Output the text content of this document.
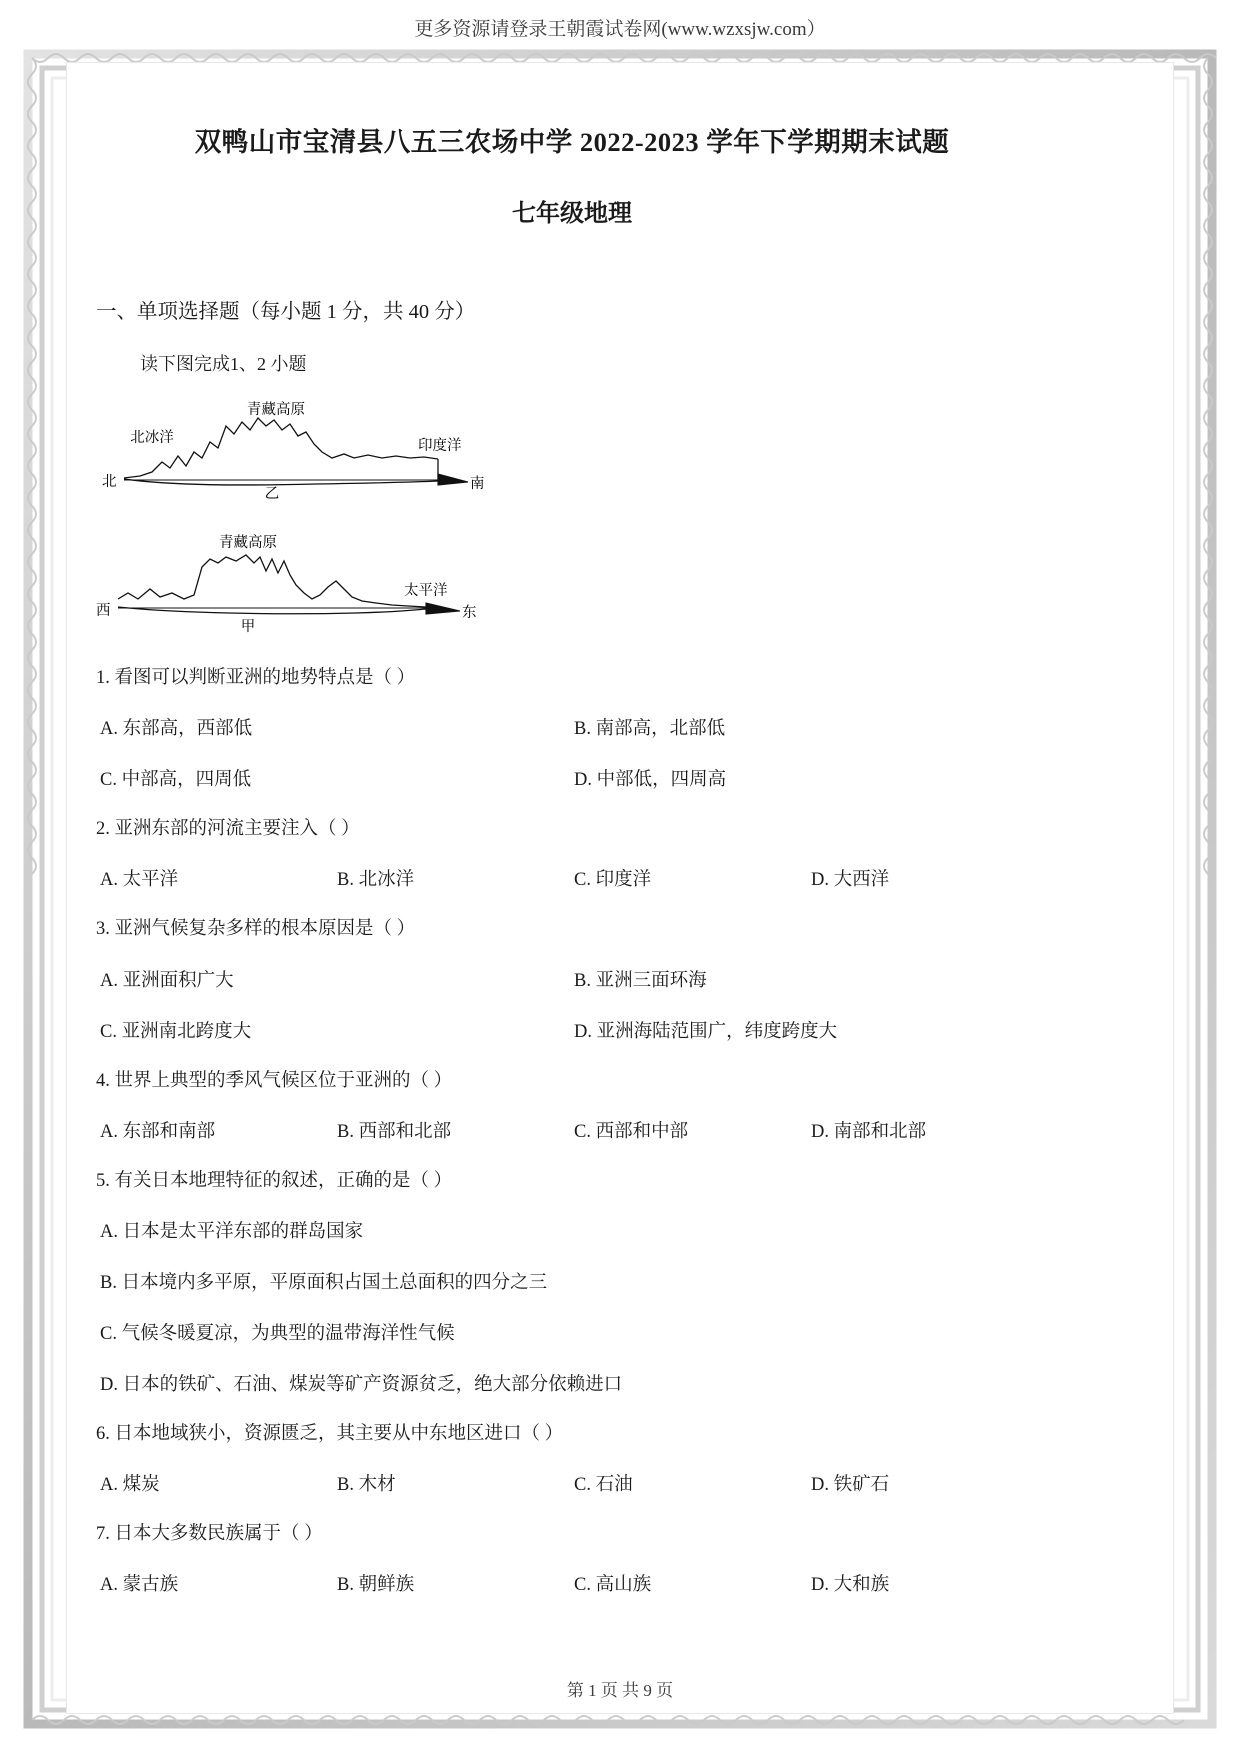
更多资源请登录王朝霞试卷网(www.wzxsjw.com）
双鸭山市宝清县八五三农场中学 2022-2023 学年下学期期末试题
七年级地理

一、单项选择题（每小题 1 分，共 40 分）

读下图完成1、2 小题

青藏高原
北冰洋	印度洋
北	南
乙
青藏高原
太平洋
西	东
甲
1. 看图可以判断亚洲的地势特点是（ ）
A. 东部高，西部低	B. 南部高，北部低
C. 中部高，四周低	D. 中部低，四周高
2. 亚洲东部的河流主要注入（ ）
A. 太平洋	B. 北冰洋	C. 印度洋	D. 大西洋
3. 亚洲气候复杂多样的根本原因是（ ）
A. 亚洲面积广大	B. 亚洲三面环海
C. 亚洲南北跨度大	D. 亚洲海陆范围广，纬度跨度大
4. 世界上典型的季风气候区位于亚洲的（ ）
A. 东部和南部	B. 西部和北部	C. 西部和中部	D. 南部和北部
5. 有关日本地理特征的叙述，正确的是（ ）
A. 日本是太平洋东部的群岛国家
B. 日本境内多平原，平原面积占国土总面积的四分之三
C. 气候冬暖夏凉，为典型的温带海洋性气候
D. 日本的铁矿、石油、煤炭等矿产资源贫乏，绝大部分依赖进口
6. 日本地域狭小，资源匮乏，其主要从中东地区进口（ ）
A. 煤炭	B. 木材	C. 石油	D. 铁矿石
7. 日本大多数民族属于（ ）
A. 蒙古族	B. 朝鲜族	C. 高山族	D. 大和族
第 1 页 共 9 页
